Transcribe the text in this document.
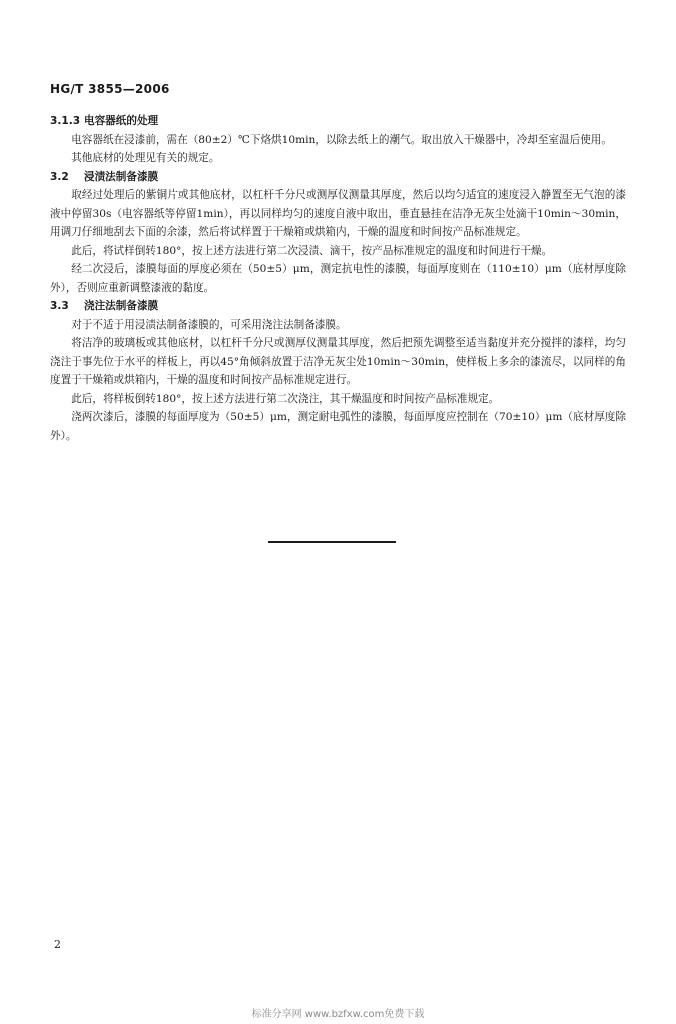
HG/T 3855—2006

3.1.3 电容器纸的处理

电容器纸在浸漆前，需在（80±2）℃下烙烘10min，以除去纸上的潮气。取出放入干燥器中，冷却至室温后使用。

其他底材的处理见有关的规定。

3.2 浸渍法制备漆膜

取经过处理后的紫铜片或其他底材，以杠杆千分尺或测厚仪测量其厚度，然后以均匀适宜的速度浸入静置至无气泡的漆液中停留30s（电容器纸等停留1min），再以同样均匀的速度自液中取出，垂直悬挂在洁净无灰尘处滴干10min～30min，用调刀仔细地刮去下面的余漆，然后将试样置于干燥箱或烘箱内，干燥的温度和时间按产品标准规定。

此后，将试样倒转180°，按上述方法进行第二次浸渍、滴干，按产品标准规定的温度和时间进行干燥。

经二次浸后，漆膜每面的厚度必须在（50±5）μm，测定抗电性的漆膜，每面厚度则在（110±10）μm（底材厚度除外），否则应重新调整漆液的黏度。

3.3 浇注法制备漆膜

对于不适于用浸渍法制备漆膜的，可采用浇注法制备漆膜。

将洁净的玻璃板或其他底材，以杠杆千分尺或测厚仪测量其厚度，然后把预先调整至适当黏度并充分搅拌的漆样，均匀浇注于事先位于水平的样板上，再以45°角倾斜放置于洁净无灰尘处10min～30min，使样板上多余的漆流尽，以同样的角度置于干燥箱或烘箱内，干燥的温度和时间按产品标准规定进行。

此后，将样板倒转180°，按上述方法进行第二次浇注，其干燥温度和时间按产品标准规定。

浇两次漆后，漆膜的每面厚度为（50±5）μm，测定耐电弧性的漆膜，每面厚度应控制在（70±10）μm（底材厚度除外）。

2
标准分享网 www.bzfxw.com免费下载
